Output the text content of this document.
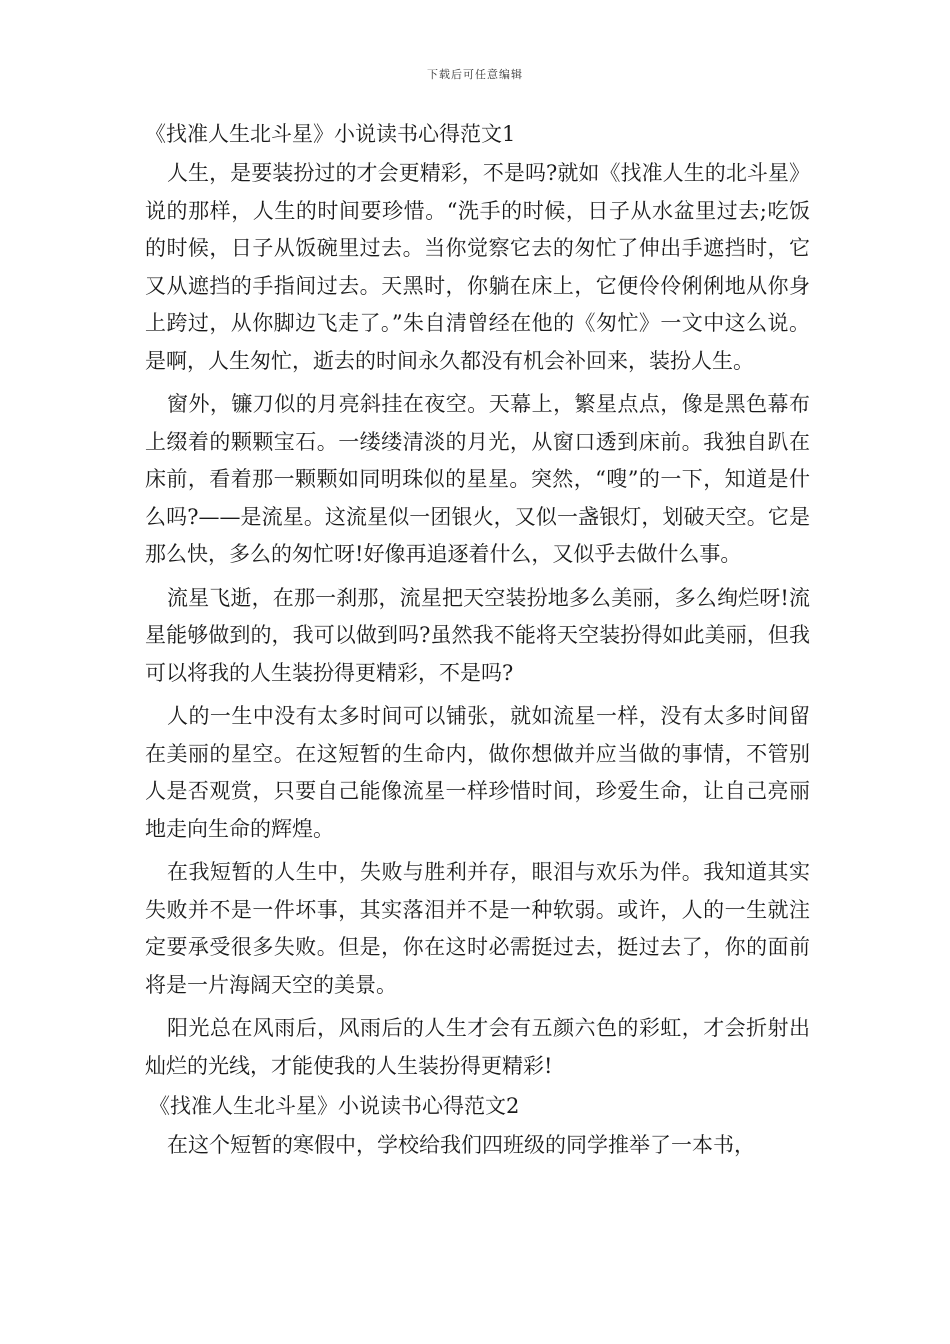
下载后可任意编辑
《找准人生北斗星》小说读书心得范文1

人生，是要装扮过的才会更精彩，不是吗?就如《找准人生的北斗星》说的那样，人生的时间要珍惜。“洗手的时候，日子从水盆里过去;吃饭的时候，日子从饭碗里过去。当你觉察它去的匆忙了伸出手遮挡时，它又从遮挡的手指间过去。天黑时，你躺在床上，它便伶伶俐俐地从你身上跨过，从你脚边飞走了。”朱自清曾经在他的《匆忙》一文中这么说。是啊，人生匆忙，逝去的时间永久都没有机会补回来，装扮人生。

窗外，镰刀似的月亮斜挂在夜空。天幕上，繁星点点，像是黑色幕布上缀着的颗颗宝石。一缕缕清淡的月光，从窗口透到床前。我独自趴在床前，看着那一颗颗如同明珠似的星星。突然，“嗖”的一下，知道是什么吗?——是流星。这流星似一团银火，又似一盏银灯，划破天空。它是那么快，多么的匆忙呀!好像再追逐着什么，又似乎去做什么事。

流星飞逝，在那一刹那，流星把天空装扮地多么美丽，多么绚烂呀!流星能够做到的，我可以做到吗?虽然我不能将天空装扮得如此美丽，但我可以将我的人生装扮得更精彩，不是吗?

人的一生中没有太多时间可以铺张，就如流星一样，没有太多时间留在美丽的星空。在这短暂的生命内，做你想做并应当做的事情，不管别人是否观赏，只要自己能像流星一样珍惜时间，珍爱生命，让自己亮丽地走向生命的辉煌。

在我短暂的人生中，失败与胜利并存，眼泪与欢乐为伴。我知道其实失败并不是一件坏事，其实落泪并不是一种软弱。或许，人的一生就注定要承受很多失败。但是，你在这时必需挺过去，挺过去了，你的面前将是一片海阔天空的美景。

阳光总在风雨后，风雨后的人生才会有五颜六色的彩虹，才会折射出灿烂的光线，才能使我的人生装扮得更精彩!

《找准人生北斗星》小说读书心得范文2

在这个短暂的寒假中，学校给我们四班级的同学推举了一本书，
